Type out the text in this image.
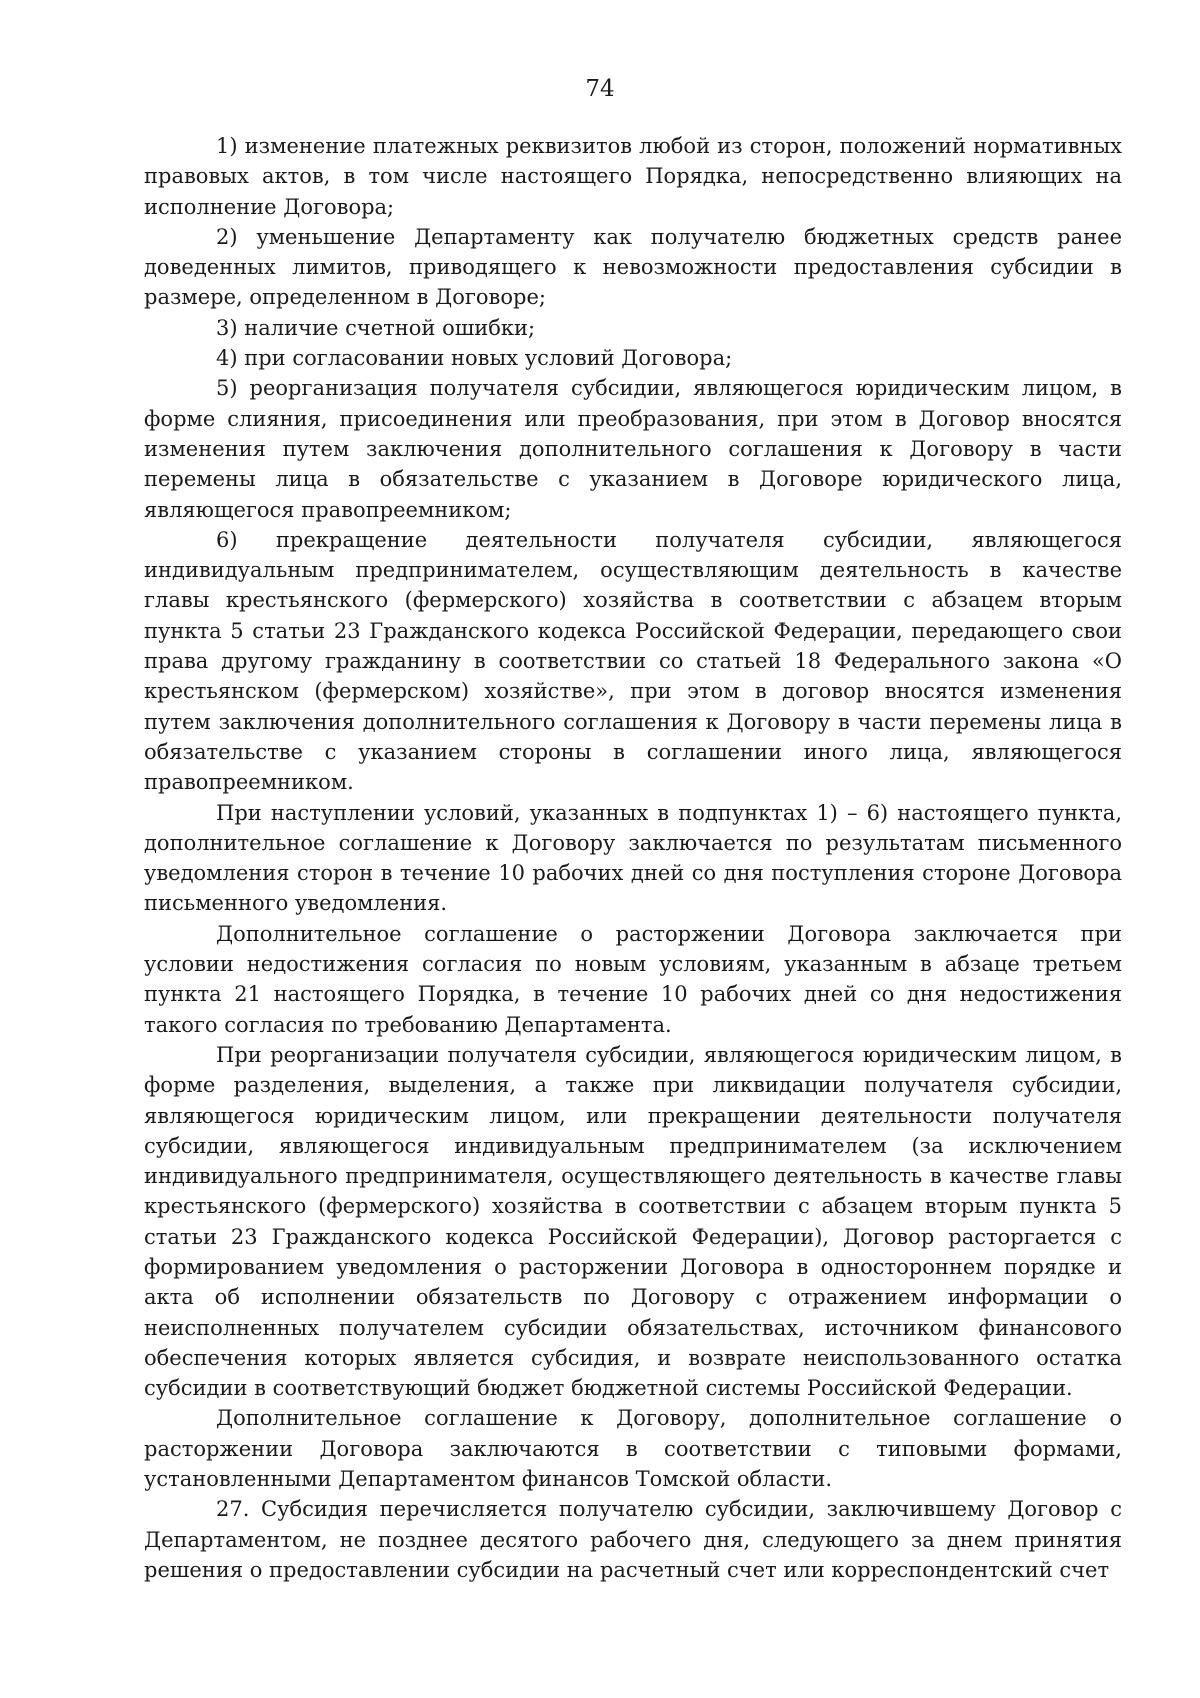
74

1) изменение платежных реквизитов любой из сторон, положений нормативных правовых актов, в том числе настоящего Порядка, непосредственно влияющих на исполнение Договора;

2) уменьшение Департаменту как получателю бюджетных средств ранее доведенных лимитов, приводящего к невозможности предоставления субсидии в размере, определенном в Договоре;

3) наличие счетной ошибки;

4) при согласовании новых условий Договора;

5) реорганизация получателя субсидии, являющегося юридическим лицом, в форме слияния, присоединения или преобразования, при этом в Договор вносятся изменения путем заключения дополнительного соглашения к Договору в части перемены лица в обязательстве с указанием в Договоре юридического лица, являющегося правопреемником;

6) прекращение деятельности получателя субсидии, являющегося индивидуальным предпринимателем, осуществляющим деятельность в качестве главы крестьянского (фермерского) хозяйства в соответствии с абзацем вторым пункта 5 статьи 23 Гражданского кодекса Российской Федерации, передающего свои права другому гражданину в соответствии со статьей 18 Федерального закона «О крестьянском (фермерском) хозяйстве», при этом в договор вносятся изменения путем заключения дополнительного соглашения к Договору в части перемены лица в обязательстве с указанием стороны в соглашении иного лица, являющегося правопреемником.

При наступлении условий, указанных в подпунктах 1) – 6) настоящего пункта, дополнительное соглашение к Договору заключается по результатам письменного уведомления сторон в течение 10 рабочих дней со дня поступления стороне Договора письменного уведомления.

Дополнительное соглашение о расторжении Договора заключается при условии недостижения согласия по новым условиям, указанным в абзаце третьем пункта 21 настоящего Порядка, в течение 10 рабочих дней со дня недостижения такого согласия по требованию Департамента.

При реорганизации получателя субсидии, являющегося юридическим лицом, в форме разделения, выделения, а также при ликвидации получателя субсидии, являющегося юридическим лицом, или прекращении деятельности получателя субсидии, являющегося индивидуальным предпринимателем (за исключением индивидуального предпринимателя, осуществляющего деятельность в качестве главы крестьянского (фермерского) хозяйства в соответствии с абзацем вторым пункта 5 статьи 23 Гражданского кодекса Российской Федерации), Договор расторгается с формированием уведомления о расторжении Договора в одностороннем порядке и акта об исполнении обязательств по Договору с отражением информации о неисполненных получателем субсидии обязательствах, источником финансового обеспечения которых является субсидия, и возврате неиспользованного остатка субсидии в соответствующий бюджет бюджетной системы Российской Федерации.

Дополнительное соглашение к Договору, дополнительное соглашение о расторжении Договора заключаются в соответствии с типовыми формами, установленными Департаментом финансов Томской области.

27. Субсидия перечисляется получателю субсидии, заключившему Договор с Департаментом, не позднее десятого рабочего дня, следующего за днем принятия решения о предоставлении субсидии на расчетный счет или корреспондентский счет
